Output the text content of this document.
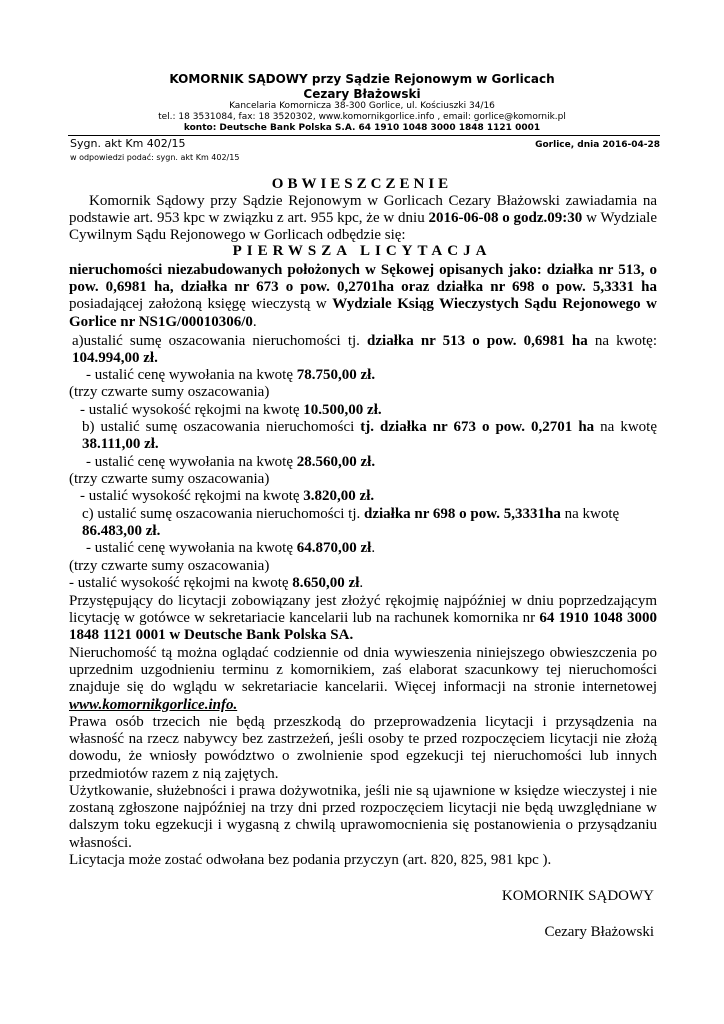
KOMORNIK SĄDOWY przy Sądzie Rejonowym w Gorlicach
Cezary Błażowski
Kancelaria Komornicza 38-300 Gorlice, ul. Kościuszki 34/16
tel.: 18 3531084, fax: 18 3520302, www.komornikgorlice.info , email: gorlice@komornik.pl
konto: Deutsche Bank Polska S.A. 64 1910 1048 3000 1848 1121 0001
Sygn. akt Km 402/15	Gorlice, dnia 2016-04-28
w odpowiedzi podać: sygn. akt Km 402/15
OBWIESZCZENIE
Komornik Sądowy przy Sądzie Rejonowym w Gorlicach Cezary Błażowski zawiadamia na podstawie art. 953 kpc w związku z art. 955 kpc, że w dniu 2016-06-08 o godz.09:30 w Wydziale Cywilnym Sądu Rejonowego w Gorlicach odbędzie się:
PIERWSZA LICYTACJA
nieruchomości niezabudowanych położonych w Sękowej opisanych jako: działka nr 513, o pow. 0,6981 ha, działka nr 673 o pow. 0,2701ha oraz działka nr 698 o pow. 5,3331 ha posiadającej założoną księgę wieczystą w Wydziale Ksiąg Wieczystych Sądu Rejonowego w Gorlice nr NS1G/00010306/0.
a)ustalić sumę oszacowania nieruchomości tj. działka nr 513 o pow. 0,6981 ha na kwotę: 104.994,00 zł.
- ustalić cenę wywołania na kwotę 78.750,00 zł.
(trzy czwarte sumy oszacowania)
- ustalić wysokość rękojmi na kwotę 10.500,00 zł.
b) ustalić sumę oszacowania nieruchomości tj. działka nr 673 o pow. 0,2701 ha na kwotę 38.111,00 zł.
- ustalić cenę wywołania na kwotę 28.560,00 zł.
(trzy czwarte sumy oszacowania)
- ustalić wysokość rękojmi na kwotę 3.820,00 zł.
c) ustalić sumę oszacowania nieruchomości tj. działka nr 698 o pow. 5,3331ha na kwotę 86.483,00 zł.
- ustalić cenę wywołania na kwotę 64.870,00 zł.
(trzy czwarte sumy oszacowania)
- ustalić wysokość rękojmi na kwotę 8.650,00 zł.
Przystępujący do licytacji zobowiązany jest złożyć rękojmię najpóźniej w dniu poprzedzającym licytację w gotówce w sekretariacie kancelarii lub na rachunek komornika nr 64 1910 1048 3000 1848 1121 0001 w Deutsche Bank Polska SA.
Nieruchomość tą można oglądać codziennie od dnia wywieszenia niniejszego obwieszczenia po uprzednim uzgodnieniu terminu z komornikiem, zaś elaborat szacunkowy tej nieruchomości znajduje się do wglądu w sekretariacie kancelarii. Więcej informacji na stronie internetowej www.komornikgorlice.info.
Prawa osób trzecich nie będą przeszkodą do przeprowadzenia licytacji i przysądzenia na własność na rzecz nabywcy bez zastrzeżeń, jeśli osoby te przed rozpoczęciem licytacji nie złożą dowodu, że wniosły powództwo o zwolnienie spod egzekucji tej nieruchomości lub innych przedmiotów razem z nią zajętych.
Użytkowanie, służebności i prawa dożywotnika, jeśli nie są ujawnione w księdze wieczystej i nie zostaną zgłoszone najpóźniej na trzy dni przed rozpoczęciem licytacji nie będą uwzględniane w dalszym toku egzekucji i wygasną z chwilą uprawomocnienia się postanowienia o przysądzaniu własności.
Licytacja może zostać odwołana bez podania przyczyn (art. 820, 825, 981 kpc ).
KOMORNIK SĄDOWY
Cezary Błażowski
